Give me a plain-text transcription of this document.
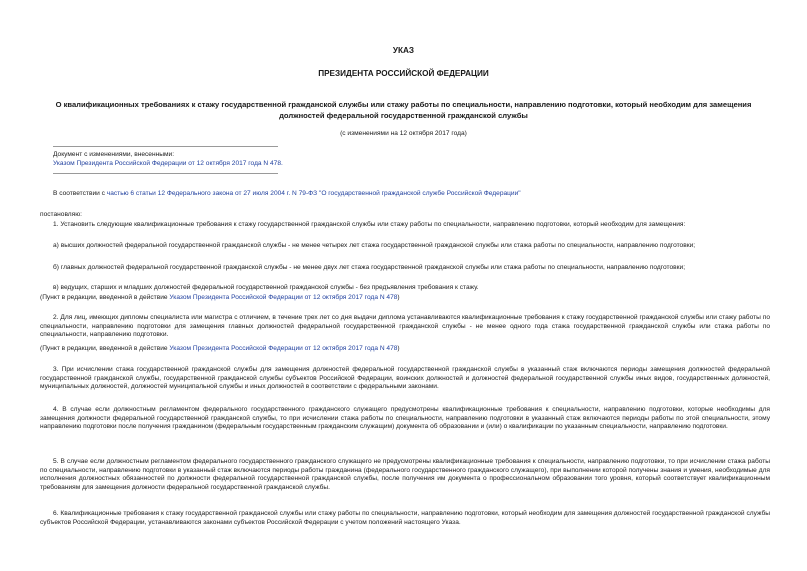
УКАЗ
ПРЕЗИДЕНТА РОССИЙСКОЙ ФЕДЕРАЦИИ
О квалификационных требованиях к стажу государственной гражданской службы или стажу работы по специальности, направлению подготовки, который необходим для замещения должностей федеральной государственной гражданской службы
(с изменениями на 12 октября 2017 года)
Документ с изменениями, внесенными:
Указом Президента Российской Федерации от 12 октября 2017 года N 478.
В соответствии с частью 6 статьи 12 Федерального закона от 27 июля 2004 г. N 79-ФЗ "О государственной гражданской службе Российской Федерации"
постановляю:
1. Установить следующие квалификационные требования к стажу государственной гражданской службы или стажу работы по специальности, направлению подготовки, который необходим для замещения:
а) высших должностей федеральной государственной гражданской службы - не менее четырех лет стажа государственной гражданской службы или стажа работы по специальности, направлению подготовки;
б) главных должностей федеральной государственной гражданской службы - не менее двух лет стажа государственной гражданской службы или стажа работы по специальности, направлению подготовки;
в) ведущих, старших и младших должностей федеральной государственной гражданской службы - без предъявления требования к стажу.
(Пункт в редакции, введенной в действие Указом Президента Российской Федерации от 12 октября 2017 года N 478)
2. Для лиц, имеющих дипломы специалиста или магистра с отличием, в течение трех лет со дня выдачи диплома устанавливаются квалификационные требования к стажу государственной гражданской службы или стажу работы по специальности, направлению подготовки для замещения главных должностей федеральной государственной гражданской службы - не менее одного года стажа государственной гражданской службы или стажа работы по специальности, направлению подготовки.
(Пункт в редакции, введенной в действие Указом Президента Российской Федерации от 12 октября 2017 года N 478)
3. При исчислении стажа государственной гражданской службы для замещения должностей федеральной государственной гражданской службы в указанный стаж включаются периоды замещения должностей федеральной государственной гражданской службы, государственной гражданской службы субъектов Российской Федерации, воинских должностей и должностей федеральной государственной службы иных видов, государственных должностей, муниципальных должностей, должностей муниципальной службы и иных должностей в соответствии с федеральными законами.
4. В случае если должностным регламентом федерального государственного гражданского служащего предусмотрены квалификационные требования к специальности, направлению подготовки, которые необходимы для замещения должности федеральной государственной гражданской службы, то при исчислении стажа работы по специальности, направлению подготовки в указанный стаж включаются периоды работы по этой специальности, этому направлению подготовки после получения гражданином (федеральным государственным гражданским служащим) документа об образовании и (или) о квалификации по указанным специальности, направлению подготовки.
5. В случае если должностным регламентом федерального государственного гражданского служащего не предусмотрены квалификационные требования к специальности, направлению подготовки, то при исчислении стажа работы по специальности, направлению подготовки в указанный стаж включаются периоды работы гражданина (федерального государственного гражданского служащего), при выполнении которой получены знания и умения, необходимые для исполнения должностных обязанностей по должности федеральной государственной гражданской службы, после получения им документа о профессиональном образовании того уровня, который соответствует квалификационным требованиям для замещения должности федеральной государственной гражданской службы.
6. Квалификационные требования к стажу государственной гражданской службы или стажу работы по специальности, направлению подготовки, который необходим для замещения должностей государственной гражданской службы субъектов Российской Федерации, устанавливаются законами субъектов Российской Федерации с учетом положений настоящего Указа.
